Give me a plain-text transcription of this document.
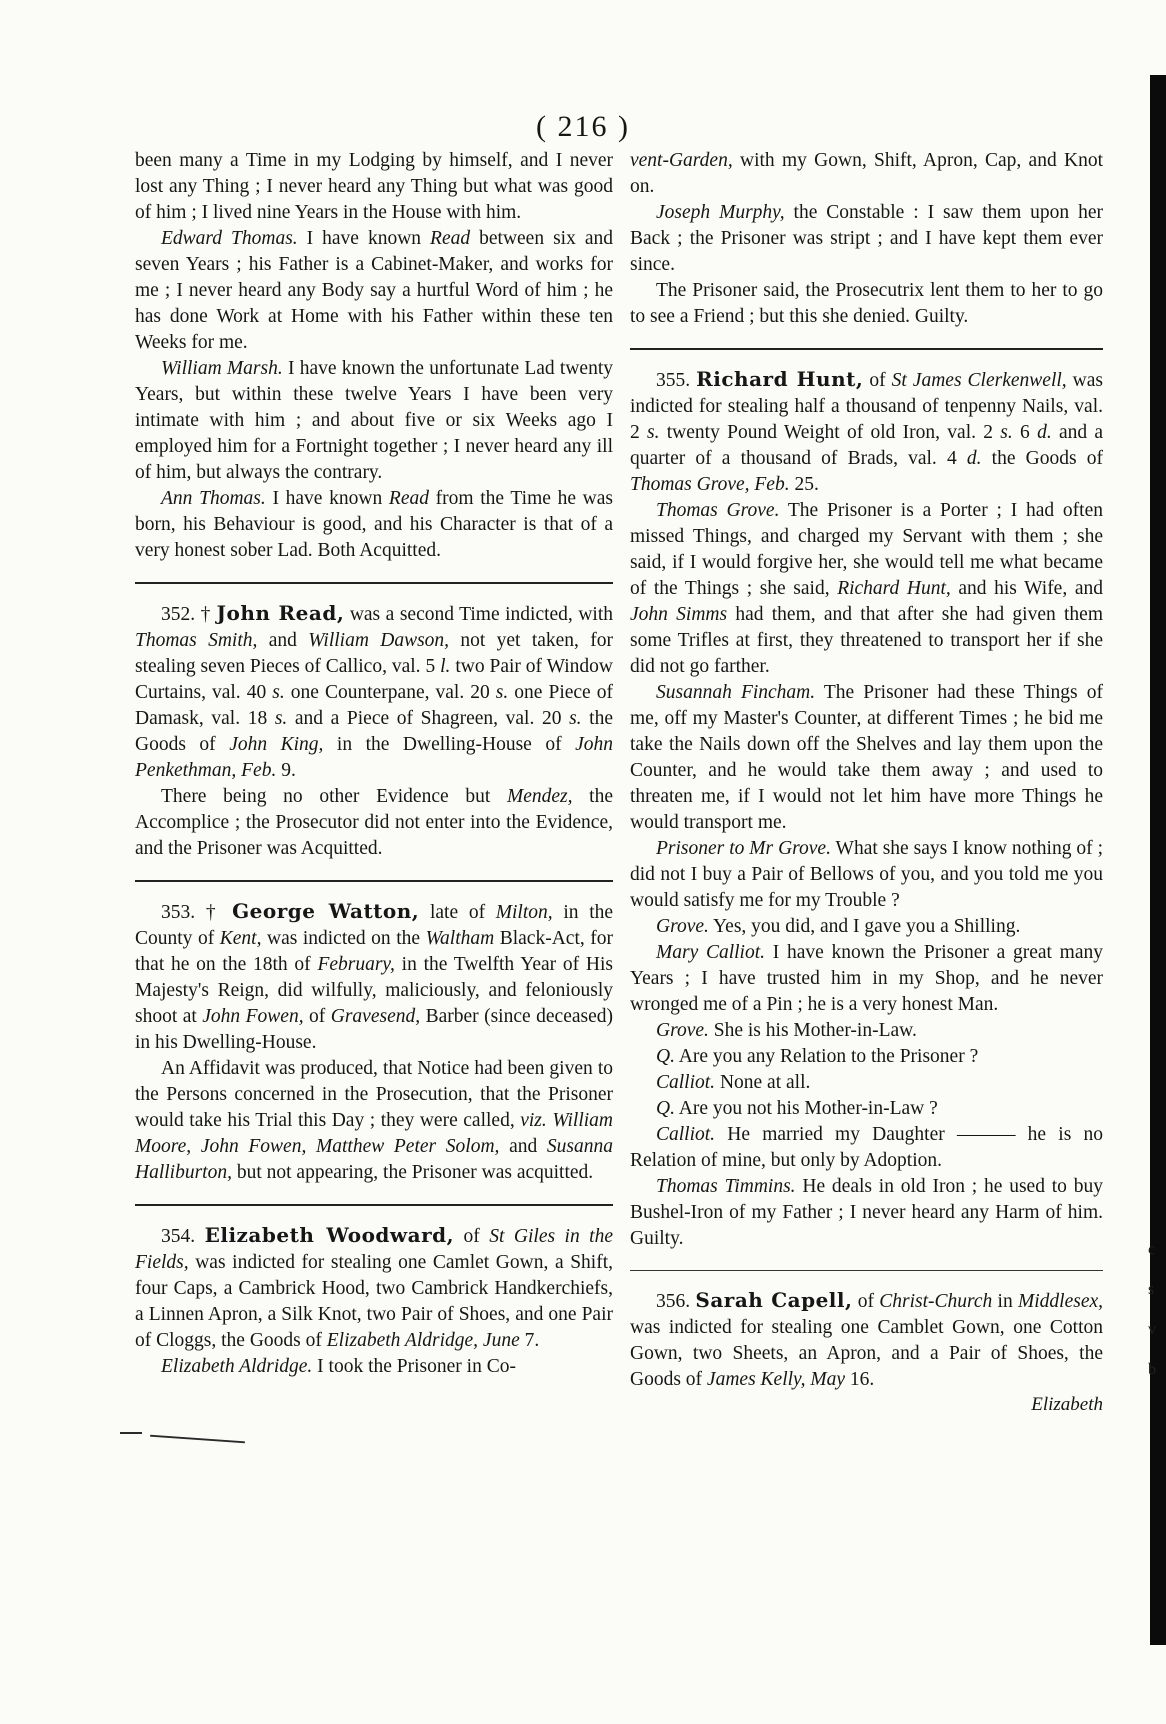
c
s
v
b
( 216 )

been many a Time in my Lodging by himself, and I never lost any Thing ; I never heard any Thing but what was good of him ; I lived nine Years in the House with him.

Edward Thomas. I have known Read between six and seven Years ; his Father is a Cabinet-Maker, and works for me ; I never heard any Body say a hurtful Word of him ; he has done Work at Home with his Father within these ten Weeks for me.

William Marsh. I have known the unfortunate Lad twenty Years, but within these twelve Years I have been very intimate with him ; and about five or six Weeks ago I employed him for a Fortnight together ; I never heard any ill of him, but always the contrary.

Ann Thomas. I have known Read from the Time he was born, his Behaviour is good, and his Character is that of a very honest sober Lad. Both Acquitted.

352. † John Read, was a second Time indicted, with Thomas Smith, and William Dawson, not yet taken, for stealing seven Pieces of Callico, val. 5 l. two Pair of Window Curtains, val. 40 s. one Counterpane, val. 20 s. one Piece of Damask, val. 18 s. and a Piece of Shagreen, val. 20 s. the Goods of John King, in the Dwelling-House of John Penkethman, Feb. 9.

There being no other Evidence but Mendez, the Accomplice ; the Prosecutor did not enter into the Evidence, and the Prisoner was Acquitted.

353. † George Watton, late of Milton, in the County of Kent, was indicted on the Waltham Black-Act, for that he on the 18th of February, in the Twelfth Year of His Majesty's Reign, did wilfully, maliciously, and feloniously shoot at John Fowen, of Gravesend, Barber (since deceased) in his Dwelling-House.

An Affidavit was produced, that Notice had been given to the Persons concerned in the Prosecution, that the Prisoner would take his Trial this Day ; they were called, viz. William Moore, John Fowen, Matthew Peter Solom, and Susanna Halliburton, but not appearing, the Prisoner was acquitted.

354. Elizabeth Woodward, of St Giles in the Fields, was indicted for stealing one Camlet Gown, a Shift, four Caps, a Cambrick Hood, two Cambrick Handkerchiefs, a Linnen Apron, a Silk Knot, two Pair of Shoes, and one Pair of Cloggs, the Goods of Elizabeth Aldridge, June 7.

Elizabeth Aldridge. I took the Prisoner in Co-

vent-Garden, with my Gown, Shift, Apron, Cap, and Knot on.

Joseph Murphy, the Constable : I saw them upon her Back ; the Prisoner was stript ; and I have kept them ever since.

The Prisoner said, the Prosecutrix lent them to her to go to see a Friend ; but this she denied. Guilty.

355. Richard Hunt, of St James Clerkenwell, was indicted for stealing half a thousand of tenpenny Nails, val. 2 s. twenty Pound Weight of old Iron, val. 2 s. 6 d. and a quarter of a thousand of Brads, val. 4 d. the Goods of Thomas Grove, Feb. 25.

Thomas Grove. The Prisoner is a Porter ; I had often missed Things, and charged my Servant with them ; she said, if I would forgive her, she would tell me what became of the Things ; she said, Richard Hunt, and his Wife, and John Simms had them, and that after she had given them some Trifles at first, they threatened to transport her if she did not go farther.

Susannah Fincham. The Prisoner had these Things of me, off my Master's Counter, at different Times ; he bid me take the Nails down off the Shelves and lay them upon the Counter, and he would take them away ; and used to threaten me, if I would not let him have more Things he would transport me.

Prisoner to Mr Grove. What she says I know nothing of ; did not I buy a Pair of Bellows of you, and you told me you would satisfy me for my Trouble ?

Grove. Yes, you did, and I gave you a Shilling.

Mary Calliot. I have known the Prisoner a great many Years ; I have trusted him in my Shop, and he never wronged me of a Pin ; he is a very honest Man.

Grove. She is his Mother-in-Law.

Q. Are you any Relation to the Prisoner ?

Calliot. None at all.

Q. Are you not his Mother-in-Law ?

Calliot. He married my Daughter ——— he is no Relation of mine, but only by Adoption.

Thomas Timmins. He deals in old Iron ; he used to buy Bushel-Iron of my Father ; I never heard any Harm of him. Guilty.

356. Sarah Capell, of Christ-Church in Middlesex, was indicted for stealing one Camblet Gown, one Cotton Gown, two Sheets, an Apron, and a Pair of Shoes, the Goods of James Kelly, May 16.

Elizabeth
